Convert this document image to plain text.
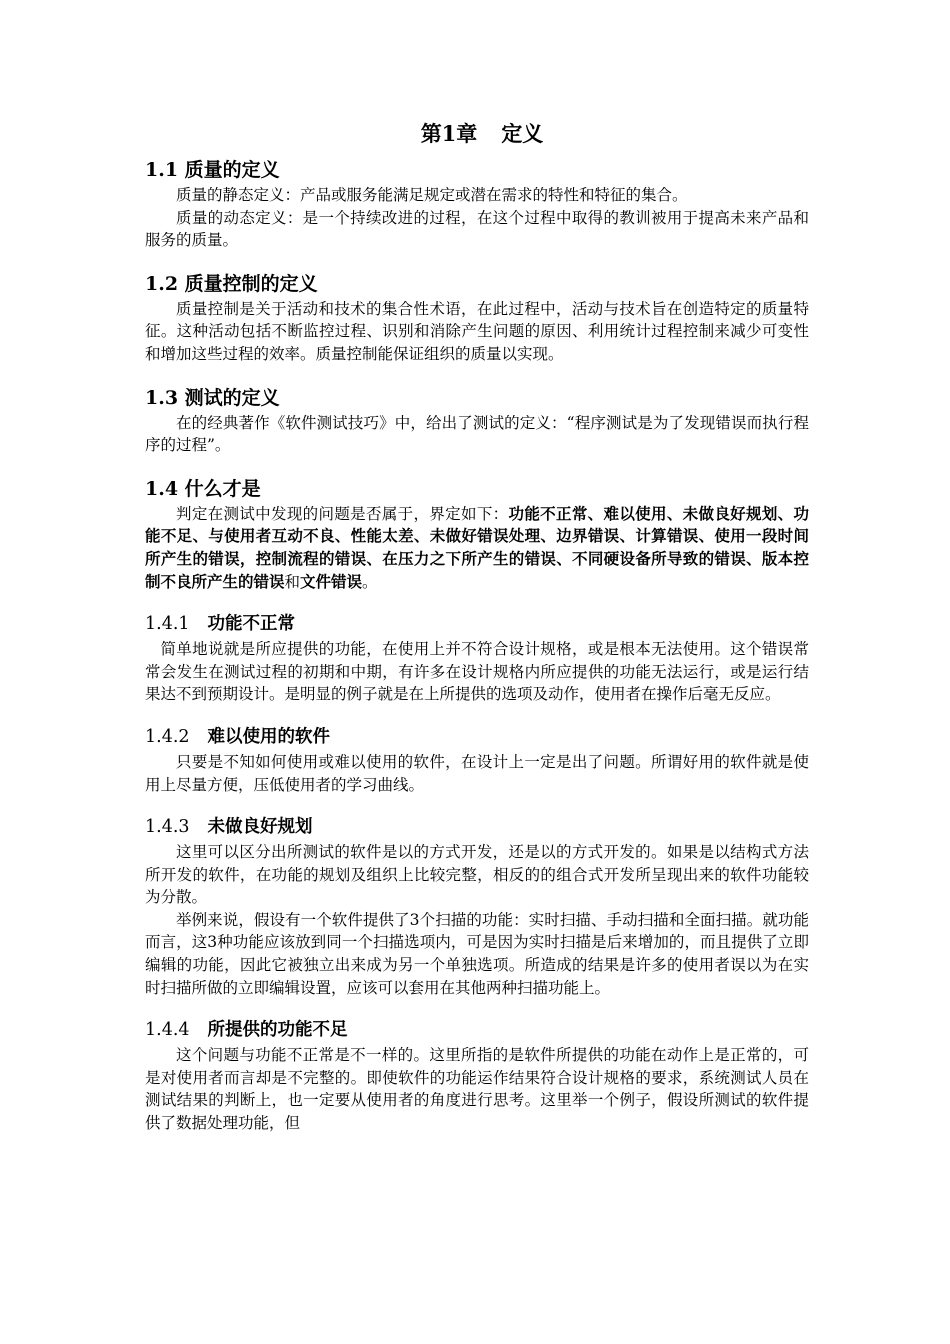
第1章 定义
1.1 质量的定义

质量的静态定义：产品或服务能满足规定或潜在需求的特性和特征的集合。

质量的动态定义：是一个持续改进的过程，在这个过程中取得的教训被用于提高未来产品和服务的质量。

1.2 质量控制的定义

质量控制是关于活动和技术的集合性术语，在此过程中，活动与技术旨在创造特定的质量特征。这种活动包括不断监控过程、识别和消除产生问题的原因、利用统计过程控制来减少可变性和增加这些过程的效率。质量控制能保证组织的质量以实现。

1.3 测试的定义

在的经典著作《软件测试技巧》中，给出了测试的定义：“程序测试是为了发现错误而执行程序的过程”。

1.4 什么才是

判定在测试中发现的问题是否属于，界定如下：功能不正常、难以使用、未做良好规划、功能不足、与使用者互动不良、性能太差、未做好错误处理、边界错误、计算错误、使用一段时间所产生的错误，控制流程的错误、在压力之下所产生的错误、不同硬设备所导致的错误、版本控制不良所产生的错误和文件错误。

1.4.1 功能不正常

简单地说就是所应提供的功能，在使用上并不符合设计规格，或是根本无法使用。这个错误常常会发生在测试过程的初期和中期，有许多在设计规格内所应提供的功能无法运行，或是运行结果达不到预期设计。是明显的例子就是在上所提供的选项及动作，使用者在操作后毫无反应。

1.4.2 难以使用的软件

只要是不知如何使用或难以使用的软件，在设计上一定是出了问题。所谓好用的软件就是使用上尽量方便，压低使用者的学习曲线。

1.4.3 未做良好规划

这里可以区分出所测试的软件是以的方式开发，还是以的方式开发的。如果是以结构式方法所开发的软件，在功能的规划及组织上比较完整，相反的的组合式开发所呈现出来的软件功能较为分散。

举例来说，假设有一个软件提供了3个扫描的功能：实时扫描、手动扫描和全面扫描。就功能而言，这3种功能应该放到同一个扫描选项内，可是因为实时扫描是后来增加的，而且提供了立即编辑的功能，因此它被独立出来成为另一个单独选项。所造成的结果是许多的使用者误以为在实时扫描所做的立即编辑设置，应该可以套用在其他两种扫描功能上。

1.4.4 所提供的功能不足

这个问题与功能不正常是不一样的。这里所指的是软件所提供的功能在动作上是正常的，可是对使用者而言却是不完整的。即使软件的功能运作结果符合设计规格的要求，系统测试人员在测试结果的判断上，也一定要从使用者的角度进行思考。这里举一个例子，假设所测试的软件提供了数据处理功能，但
